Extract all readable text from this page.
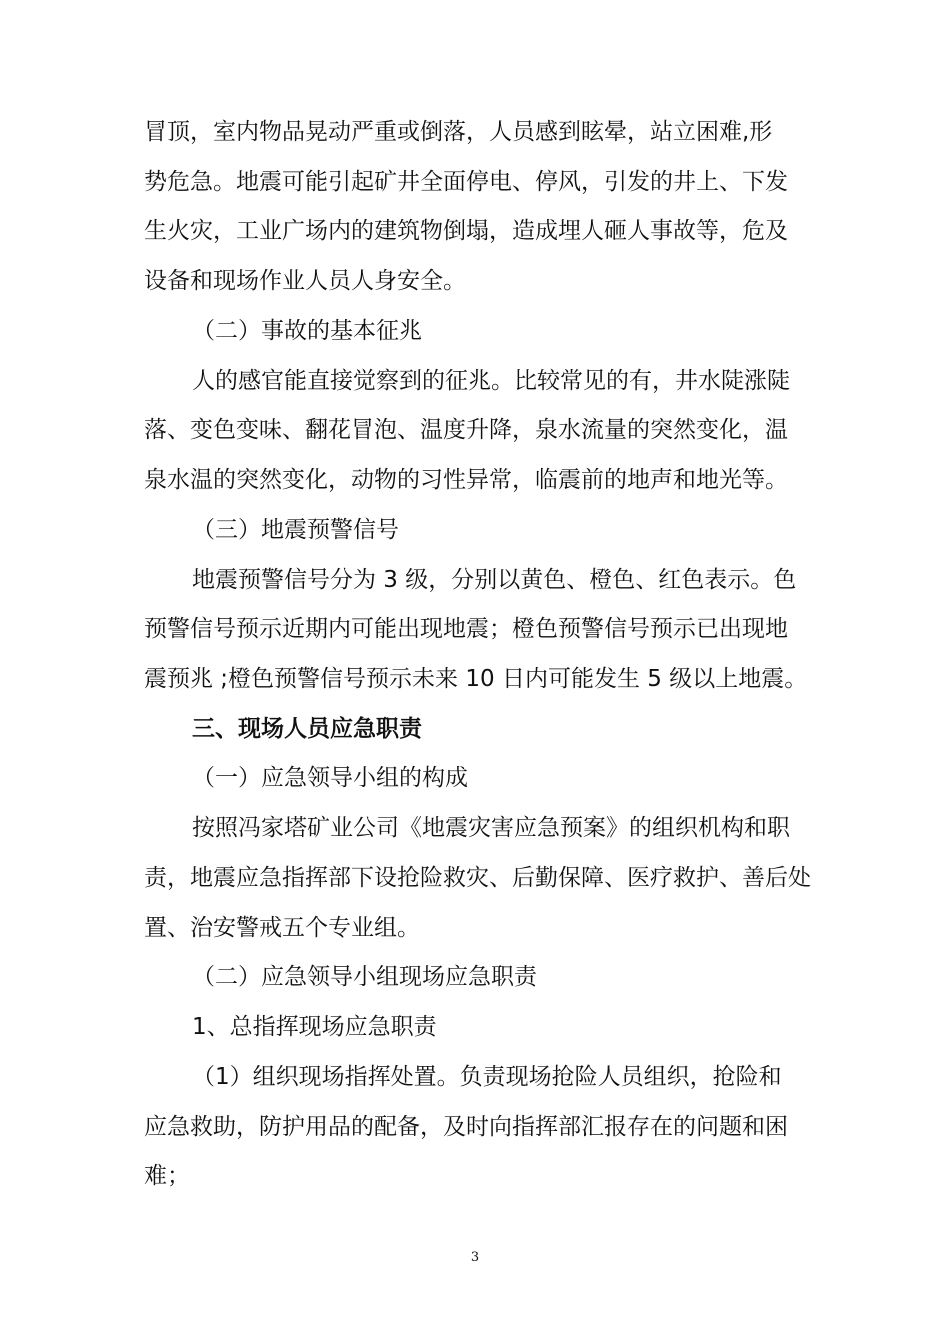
冒顶，室内物品晃动严重或倒落，人员感到眩晕，站立困难,形
势危急。地震可能引起矿井全面停电、停风，引发的井上、下发
生火灾，工业广场内的建筑物倒塌，造成埋人砸人事故等，危及
设备和现场作业人员人身安全。
（二）事故的基本征兆
人的感官能直接觉察到的征兆。比较常见的有，井水陡涨陡
落、变色变味、翻花冒泡、温度升降，泉水流量的突然变化，温
泉水温的突然变化，动物的习性异常，临震前的地声和地光等。
（三）地震预警信号
地震预警信号分为 3 级，分别以黄色、橙色、红色表示。色
预警信号预示近期内可能出现地震；橙色预警信号预示已出现地
震预兆 ;橙色预警信号预示未来 10 日内可能发生 5 级以上地震。
三、现场人员应急职责
（一）应急领导小组的构成
按照冯家塔矿业公司《地震灾害应急预案》的组织机构和职
责，地震应急指挥部下设抢险救灾、后勤保障、医疗救护、善后处
置、治安警戒五个专业组。
（二）应急领导小组现场应急职责
1、总指挥现场应急职责
（1）组织现场指挥处置。负责现场抢险人员组织，抢险和
应急救助，防护用品的配备，及时向指挥部汇报存在的问题和困
难；
3
